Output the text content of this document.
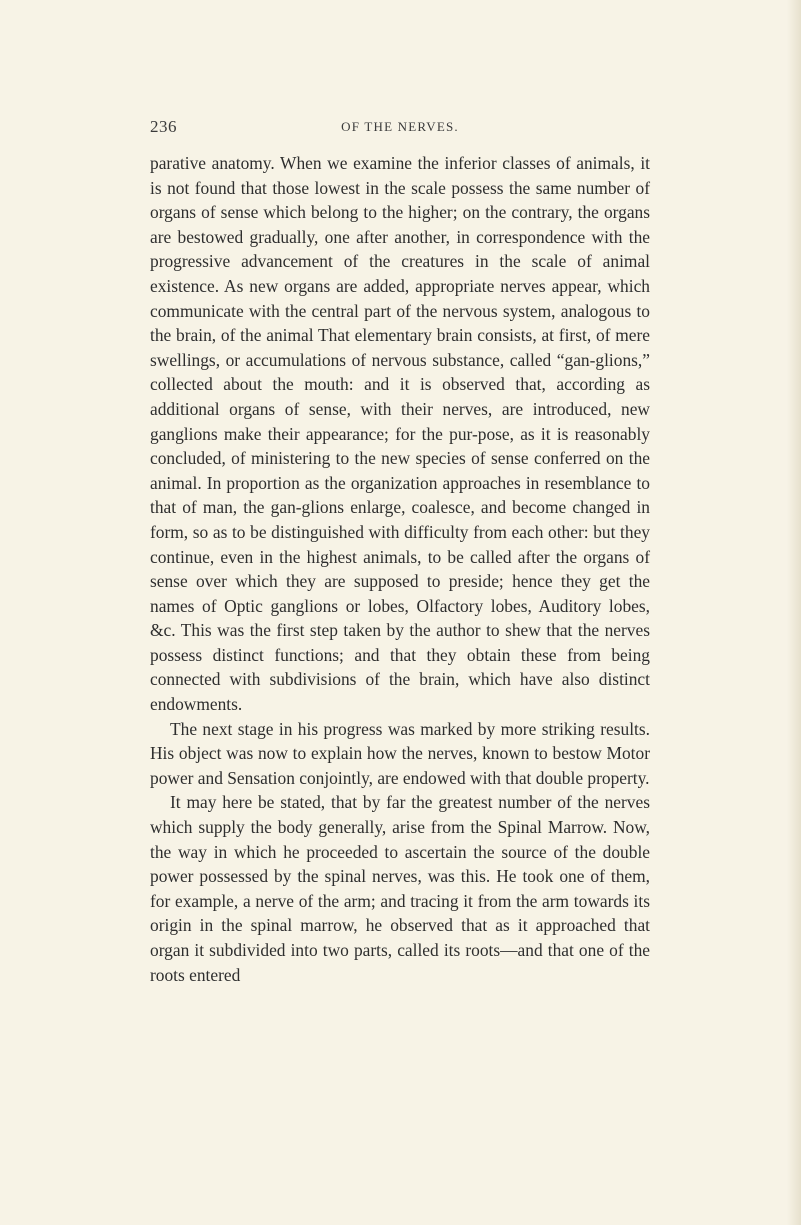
236	OF THE NERVES.

parative anatomy. When we examine the inferior classes of animals, it is not found that those lowest in the scale possess the same number of organs of sense which belong to the higher; on the contrary, the organs are bestowed gradually, one after another, in correspondence with the progressive advancement of the creatures in the scale of animal existence. As new organs are added, appropriate nerves appear, which communicate with the central part of the nervous system, analogous to the brain, of the animal That elementary brain consists, at first, of mere swellings, or accumulations of nervous substance, called “gan-glions,” collected about the mouth: and it is observed that, according as additional organs of sense, with their nerves, are introduced, new ganglions make their appearance; for the pur-pose, as it is reasonably concluded, of ministering to the new species of sense conferred on the animal. In proportion as the organization approaches in resemblance to that of man, the gan-glions enlarge, coalesce, and become changed in form, so as to be distinguished with difficulty from each other: but they continue, even in the highest animals, to be called after the organs of sense over which they are supposed to preside; hence they get the names of Optic ganglions or lobes, Olfactory lobes, Auditory lobes, &c. This was the first step taken by the author to shew that the nerves possess distinct functions; and that they obtain these from being connected with subdivisions of the brain, which have also distinct endowments.

The next stage in his progress was marked by more striking results. His object was now to explain how the nerves, known to bestow Motor power and Sensation conjointly, are endowed with that double property.

It may here be stated, that by far the greatest number of the nerves which supply the body generally, arise from the Spinal Marrow. Now, the way in which he proceeded to ascertain the source of the double power possessed by the spinal nerves, was this. He took one of them, for example, a nerve of the arm; and tracing it from the arm towards its origin in the spinal marrow, he observed that as it approached that organ it subdivided into two parts, called its roots—and that one of the roots entered
